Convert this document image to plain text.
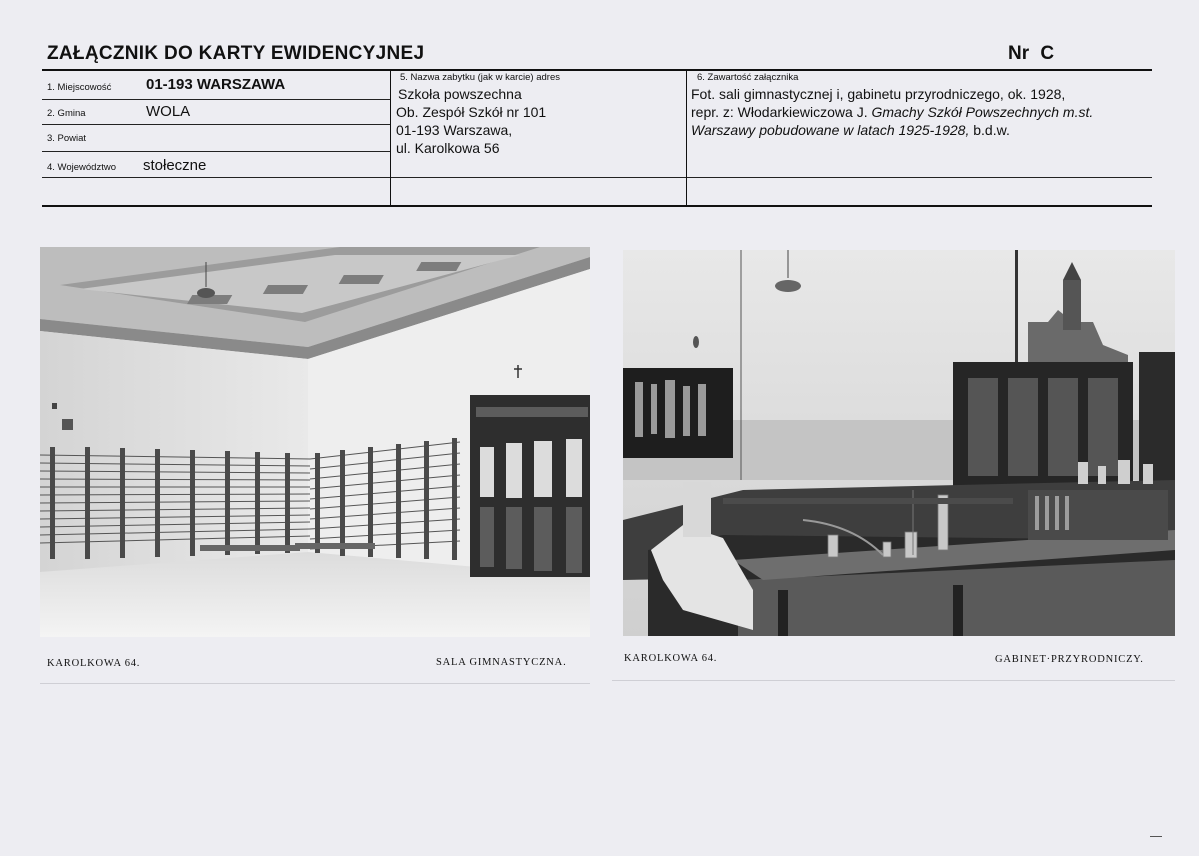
ZAŁĄCZNIK DO KARTY EWIDENCYJNEJ	Nr C
1. Miejscowość 01-193 WARSZAWA
2. Gmina	WOLA
3. Powiat
4. Województwo stołeczne
5. Nazwa zabytku (jak w karcie) adres
Szkoła powszechna
Ob. Zespół Szkół nr 101
01-193 Warszawa,
ul. Karolkowa 56
6. Zawartość załącznika
Fot. sali gimnastycznej i, gabinetu przyrodniczego, ok. 1928,
repr. z: Włodarkiewiczowa J. Gmachy Szkół Powszechnych m.st.
Warszawy pobudowane w latach 1925-1928, b.d.w.
KAROLKOWA 64.	SALA GIMNASTYCZNA.	KAROLKOWA 64.	GABINET·PRZYRODNICZY.
